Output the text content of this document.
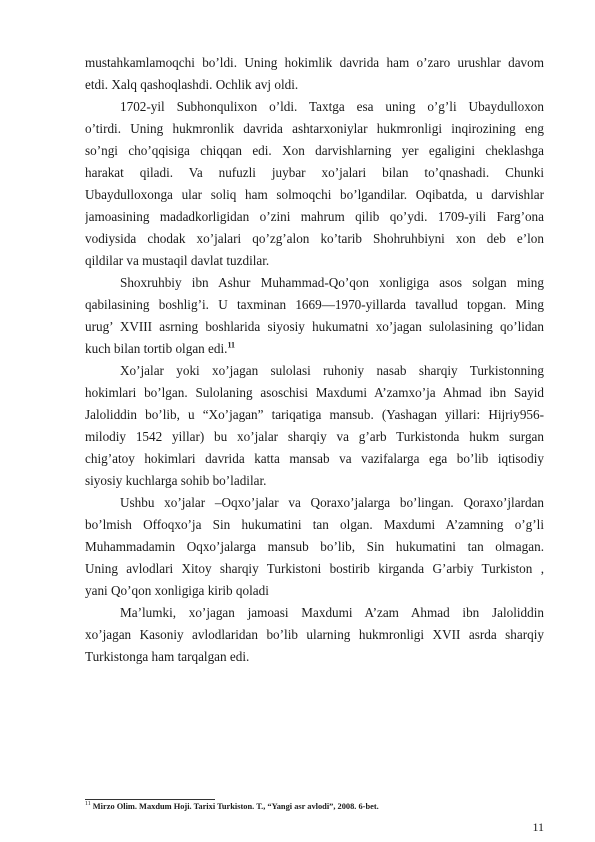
mustahkamlamoqchi bo’ldi. Uning hokimlik davrida ham o’zaro urushlar davom
etdi. Xalq qashoqlashdi. Ochlik avj oldi.
1702-yil Subhonqulixon o’ldi. Taxtga esa uning o’g’li Ubaydulloxon
o’tirdi. Uning hukmronlik davrida ashtarxoniylar hukmronligi inqirozining eng
so’ngi cho’qqisiga chiqqan edi. Xon darvishlarning yer egaligini cheklashga
harakat qiladi. Va nufuzli juybar xo’jalari bilan to’qnashadi. Chunki
Ubaydulloxonga ular soliq ham solmoqchi bo’lgandilar. Oqibatda, u darvishlar
jamoasining madadkorligidan o’zini mahrum qilib qo’ydi. 1709-yili Farg’ona
vodiysida chodak xo’jalari qo’zg’alon ko’tarib Shohruhbiyni xon deb e’lon
qildilar va mustaqil davlat tuzdilar.
Shoxruhbiy ibn Ashur Muhammad-Qo’qon xonligiga asos solgan ming
qabilasining boshlig’i. U taxminan 1669—1970-yillarda tavallud topgan. Ming
urug’ XVIII asrning boshlarida siyosiy hukumatni xo’jagan sulolasining qo’lidan
kuch bilan tortib olgan edi.$^{11}$
Xo’jalar yoki xo’jagan sulolasi ruhoniy nasab sharqiy Turkistonning
hokimlari bo’lgan. Sulolaning asoschisi Maxdumi A’zamxo’ja Ahmad ibn Sayid
Jaloliddin bo’lib, u “Xo’jagan” tariqatiga mansub. (Yashagan yillari: Hijriy956-
milodiy 1542 yillar) bu xo’jalar sharqiy va g’arb Turkistonda hukm surgan
chig’atoy hokimlari davrida katta mansab va vazifalarga ega bo’lib iqtisodiy
siyosiy kuchlarga sohib bo’ladilar.
Ushbu xo’jalar –Oqxo’jalar va Qoraxo’jalarga bo’lingan. Qoraxo’jlardan
bo’lmish Offoqxo’ja Sin hukumatini tan olgan. Maxdumi A’zamning o’g’li
Muhammadamin Oqxo’jalarga mansub bo’lib, Sin hukumatini tan olmagan.
Uning avlodlari Xitoy sharqiy Turkistoni bostirib kirganda G’arbiy Turkiston ,
yani Qo’qon xonligiga kirib qoladi
Ma’lumki, xo’jagan jamoasi Maxdumi A’zam Ahmad ibn Jaloliddin
xo’jagan Kasoniy avlodlaridan bo’lib ularning hukmronligi XVII asrda sharqiy
Turkistonga ham tarqalgan edi.
$^{11}$ Mirzo Olim. Maxdum Hoji. Tarixi Turkiston. T., “Yangi asr avlodi”, 2008. 6-bet.
11
